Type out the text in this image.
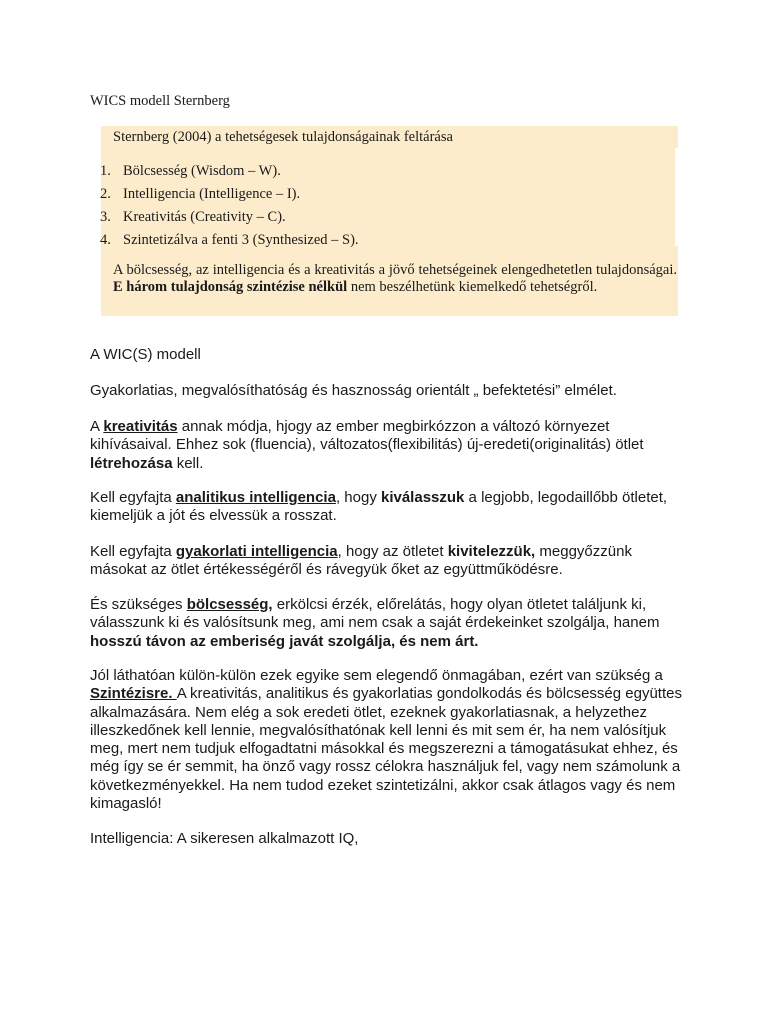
WICS modell Sternberg
Sternberg (2004) a tehetségesek tulajdonságainak feltárása
1. Bölcsesség (Wisdom – W).
2. Intelligencia (Intelligence – I).
3. Kreativitás (Creativity – C).
4. Szintetizálva a fenti 3 (Synthesized – S).

A bölcsesség, az intelligencia és a kreativitás a jövő tehetségeinek elengedhetetlen tulajdonságai. E három tulajdonság szintézise nélkül nem beszélhetünk kiemelkedő tehetségről.

A WIC(S) modell

Gyakorlatias, megvalósíthatóság és hasznosság orientált „ befektetési” elmélet.

A kreativitás annak módja, hjogy az ember megbirkózzon a változó környezet kihívásaival. Ehhez sok (fluencia), változatos(flexibilitás) új-eredeti(originalitás) ötlet létrehozása kell.

Kell egyfajta analitikus intelligencia, hogy kiválasszuk a legjobb, legodaillőbb ötletet, kiemeljük a jót és elvessük a rosszat.

Kell egyfajta gyakorlati intelligencia, hogy az ötletet kivitelezzük, meggyőzzünk másokat az ötlet értékességéről és rávegyük őket az együttműködésre.

És szükséges bölcsesség, erkölcsi érzék, előrelátás, hogy olyan ötletet találjunk ki, válasszunk ki és valósítsunk meg, ami nem csak a saját érdekeinket szolgálja, hanem hosszú távon az emberiség javát szolgálja, és nem árt.

Jól láthatóan külön-külön ezek egyike sem elegendő önmagában, ezért van szükség a Szintézisre. A kreativitás, analitikus és gyakorlatias gondolkodás és bölcsesség együttes alkalmazására. Nem elég a sok eredeti ötlet, ezeknek gyakorlatiasnak, a helyzethez illeszkedőnek kell lennie, megvalósíthatónak kell lenni és mit sem ér, ha nem valósítjuk meg, mert nem tudjuk elfogadtatni másokkal és megszerezni a támogatásukat ehhez, és még így se ér semmit, ha önző vagy rossz célokra használjuk fel, vagy nem számolunk a következményekkel. Ha nem tudod ezeket szintetizálni, akkor csak átlagos vagy és nem kimagasló!

Intelligencia: A sikeresen alkalmazott IQ,
